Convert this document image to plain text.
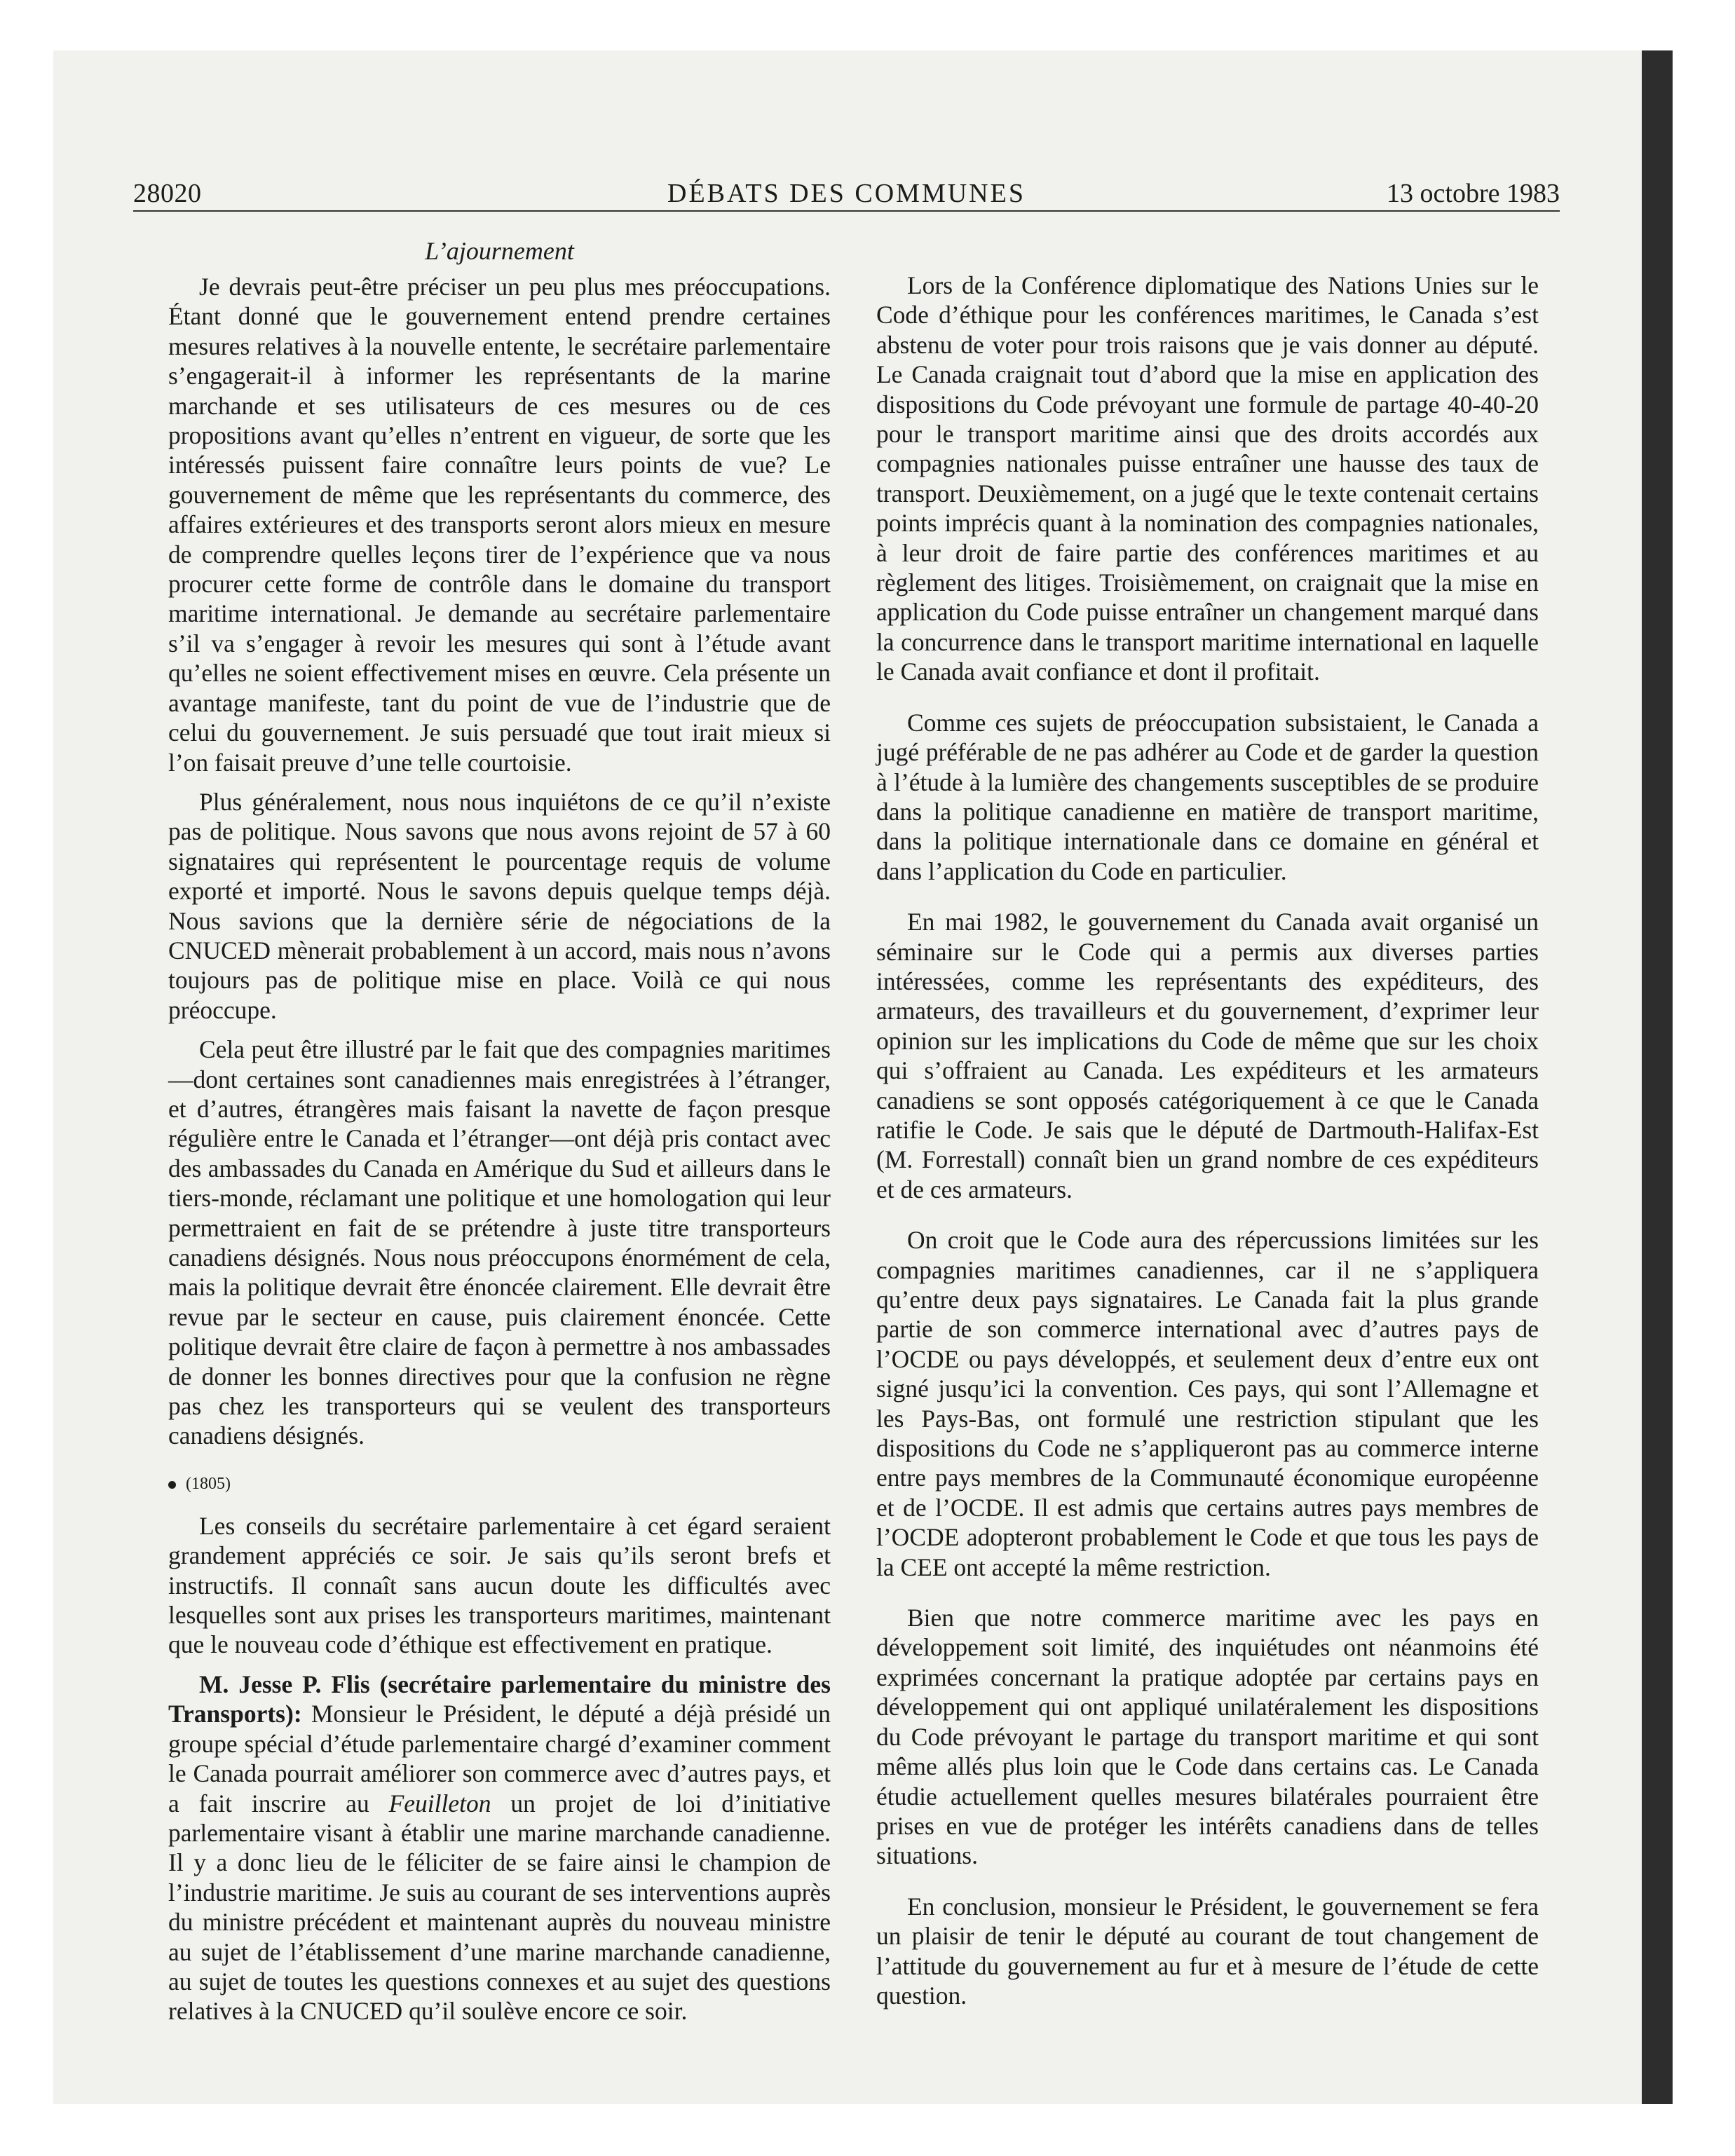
28020	DÉBATS DES COMMUNES	13 octobre 1983
L’ajournement

Je devrais peut-être préciser un peu plus mes préoccupations. Étant donné que le gouvernement entend prendre certaines mesures relatives à la nouvelle entente, le secrétaire parlementaire s’engagerait-il à informer les représentants de la marine marchande et ses utilisateurs de ces mesures ou de ces propositions avant qu’elles n’entrent en vigueur, de sorte que les intéressés puissent faire connaître leurs points de vue? Le gouvernement de même que les représentants du commerce, des affaires extérieures et des transports seront alors mieux en mesure de comprendre quelles leçons tirer de l’expérience que va nous procurer cette forme de contrôle dans le domaine du transport maritime international. Je demande au secrétaire parlementaire s’il va s’engager à revoir les mesures qui sont à l’étude avant qu’elles ne soient effectivement mises en œuvre. Cela présente un avantage manifeste, tant du point de vue de l’industrie que de celui du gouvernement. Je suis persuadé que tout irait mieux si l’on faisait preuve d’une telle courtoisie.

Plus généralement, nous nous inquiétons de ce qu’il n’existe pas de politique. Nous savons que nous avons rejoint de 57 à 60 signataires qui représentent le pourcentage requis de volume exporté et importé. Nous le savons depuis quelque temps déjà. Nous savions que la dernière série de négociations de la CNUCED mènerait probablement à un accord, mais nous n’avons toujours pas de politique mise en place. Voilà ce qui nous préoccupe.

Cela peut être illustré par le fait que des compagnies maritimes—dont certaines sont canadiennes mais enregistrées à l’étranger, et d’autres, étrangères mais faisant la navette de façon presque régulière entre le Canada et l’étranger—ont déjà pris contact avec des ambassades du Canada en Amérique du Sud et ailleurs dans le tiers-monde, réclamant une politique et une homologation qui leur permettraient en fait de se prétendre à juste titre transporteurs canadiens désignés. Nous nous préoccupons énormément de cela, mais la politique devrait être énoncée clairement. Elle devrait être revue par le secteur en cause, puis clairement énoncée. Cette politique devrait être claire de façon à permettre à nos ambassades de donner les bonnes directives pour que la confusion ne règne pas chez les transporteurs qui se veulent des transporteurs canadiens désignés.

(1805)

Les conseils du secrétaire parlementaire à cet égard seraient grandement appréciés ce soir. Je sais qu’ils seront brefs et instructifs. Il connaît sans aucun doute les difficultés avec lesquelles sont aux prises les transporteurs maritimes, maintenant que le nouveau code d’éthique est effectivement en pratique.

M. Jesse P. Flis (secrétaire parlementaire du ministre des Transports): Monsieur le Président, le député a déjà présidé un groupe spécial d’étude parlementaire chargé d’examiner comment le Canada pourrait améliorer son commerce avec d’autres pays, et a fait inscrire au Feuilleton un projet de loi d’initiative parlementaire visant à établir une marine marchande canadienne. Il y a donc lieu de le féliciter de se faire ainsi le champion de l’industrie maritime. Je suis au courant de ses interventions auprès du ministre précédent et maintenant auprès du nouveau ministre au sujet de l’établissement d’une marine marchande canadienne, au sujet de toutes les questions connexes et au sujet des questions relatives à la CNUCED qu’il soulève encore ce soir.

Lors de la Conférence diplomatique des Nations Unies sur le Code d’éthique pour les conférences maritimes, le Canada s’est abstenu de voter pour trois raisons que je vais donner au député. Le Canada craignait tout d’abord que la mise en application des dispositions du Code prévoyant une formule de partage 40-40-20 pour le transport maritime ainsi que des droits accordés aux compagnies nationales puisse entraîner une hausse des taux de transport. Deuxièmement, on a jugé que le texte contenait certains points imprécis quant à la nomination des compagnies nationales, à leur droit de faire partie des conférences maritimes et au règlement des litiges. Troisièmement, on craignait que la mise en application du Code puisse entraîner un changement marqué dans la concurrence dans le transport maritime international en laquelle le Canada avait confiance et dont il profitait.

Comme ces sujets de préoccupation subsistaient, le Canada a jugé préférable de ne pas adhérer au Code et de garder la question à l’étude à la lumière des changements susceptibles de se produire dans la politique canadienne en matière de transport maritime, dans la politique internationale dans ce domaine en général et dans l’application du Code en particulier.

En mai 1982, le gouvernement du Canada avait organisé un séminaire sur le Code qui a permis aux diverses parties intéressées, comme les représentants des expéditeurs, des armateurs, des travailleurs et du gouvernement, d’exprimer leur opinion sur les implications du Code de même que sur les choix qui s’offraient au Canada. Les expéditeurs et les armateurs canadiens se sont opposés catégoriquement à ce que le Canada ratifie le Code. Je sais que le député de Dartmouth-Halifax-Est (M. Forrestall) connaît bien un grand nombre de ces expéditeurs et de ces armateurs.

On croit que le Code aura des répercussions limitées sur les compagnies maritimes canadiennes, car il ne s’appliquera qu’entre deux pays signataires. Le Canada fait la plus grande partie de son commerce international avec d’autres pays de l’OCDE ou pays développés, et seulement deux d’entre eux ont signé jusqu’ici la convention. Ces pays, qui sont l’Allemagne et les Pays-Bas, ont formulé une restriction stipulant que les dispositions du Code ne s’appliqueront pas au commerce interne entre pays membres de la Communauté économique européenne et de l’OCDE. Il est admis que certains autres pays membres de l’OCDE adopteront probablement le Code et que tous les pays de la CEE ont accepté la même restriction.

Bien que notre commerce maritime avec les pays en développement soit limité, des inquiétudes ont néanmoins été exprimées concernant la pratique adoptée par certains pays en développement qui ont appliqué unilatéralement les dispositions du Code prévoyant le partage du transport maritime et qui sont même allés plus loin que le Code dans certains cas. Le Canada étudie actuellement quelles mesures bilatérales pourraient être prises en vue de protéger les intérêts canadiens dans de telles situations.

En conclusion, monsieur le Président, le gouvernement se fera un plaisir de tenir le député au courant de tout changement de l’attitude du gouvernement au fur et à mesure de l’étude de cette question.
